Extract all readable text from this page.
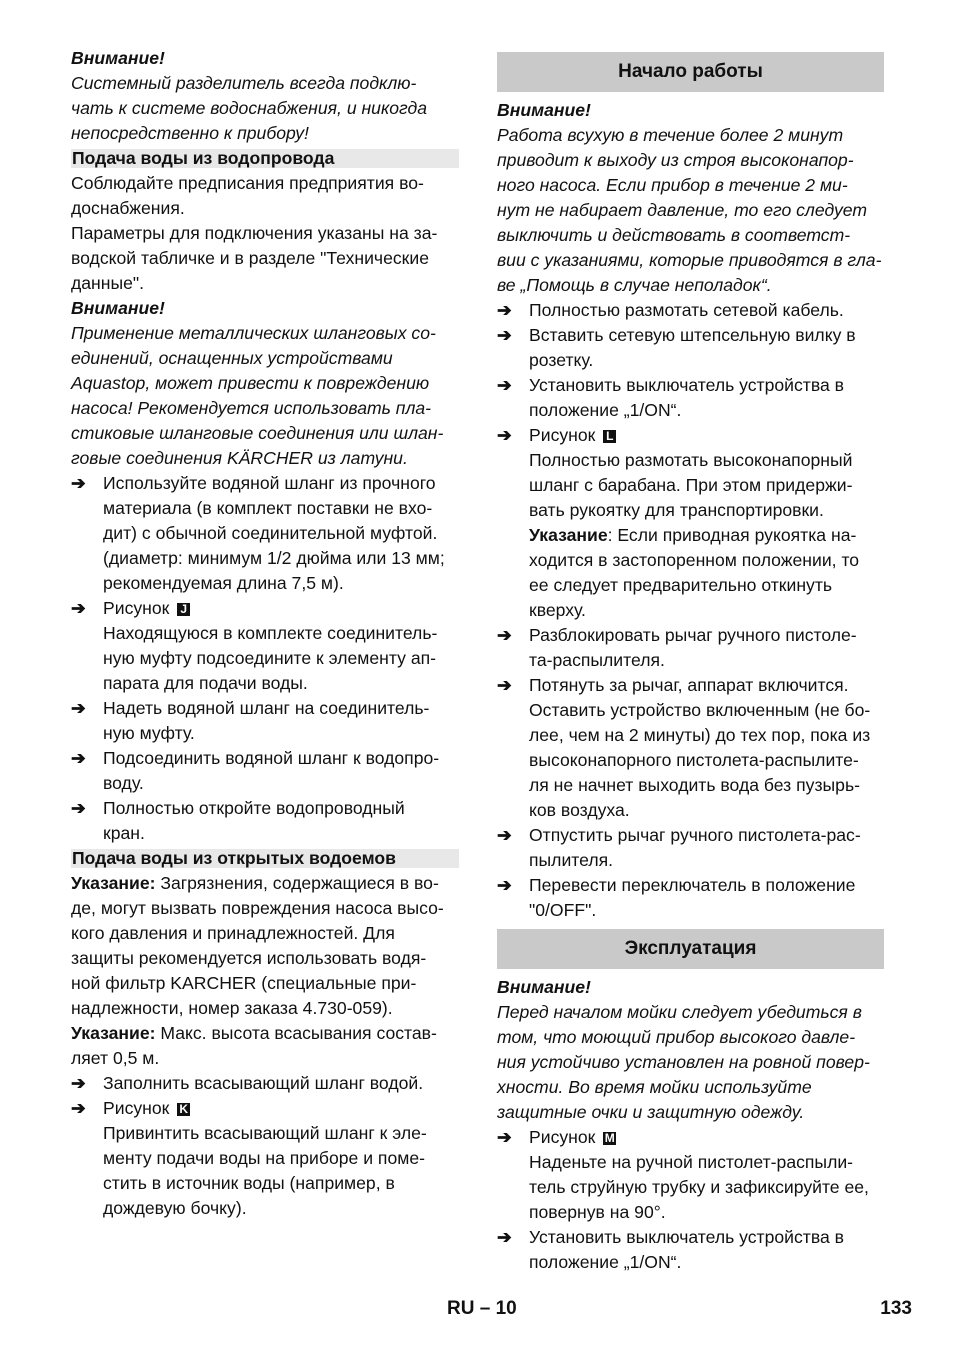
Внимание!

Системный разделитель всегда подклю-

чать к системе водоснабжения, и никогда

непосредственно к прибору!

Подача воды из водопровода

Соблюдайте предписания предприятия во-

доснабжения.

Параметры для подключения указаны на за-

водской табличке и в разделе "Технические

данные".

Внимание!

Применение металлических шланговых со-

единений, оснащенных устройствами

Aquastop, может привести к повреждению

насоса! Рекомендуется использовать пла-

стиковые шланговые соединения или шлан-

говые соединения KÄRCHER из латуни.

➔ Используйте водяной шланг из прочного

материала (в комплект поставки не вхо-

дит) с обычной соединительной муфтой.

(диаметр: минимум 1/2 дюйма или 13 мм;

рекомендуемая длина 7,5 м).

➔ Рисунок J

Находящуюся в комплекте соединитель-

ную муфту подсоедините к элементу ап-

парата для подачи воды.

➔ Надеть водяной шланг на соединитель-

ную муфту.

➔ Подсоединить водяной шланг к водопро-

воду.

➔ Полностью откройте водопроводный

кран.

Подача воды из открытых водоемов

Указание: Загрязнения, содержащиеся в во-

де, могут вызвать повреждения насоса высо-

кого давления и принадлежностей. Для

защиты рекомендуется использовать водя-

ной фильтр KARCHER (специальные при-

надлежности, номер заказа 4.730-059).

Указание: Макс. высота всасывания состав-

ляет 0,5 м.

➔ Заполнить всасывающий шланг водой.

➔ Рисунок K

Привинтить всасывающий шланг к эле-

менту подачи воды на приборе и поме-

стить в источник воды (например, в

дождевую бочку).

Начало работы

Внимание!

Работа всухую в течение более 2 минут

приводит к выходу из строя высоконапор-

ного насоса. Если прибор в течение 2 ми-

нут не набирает давление, то его следует

выключить и действовать в соответст-

вии с указаниями, которые приводятся в гла-

ве „Помощь в случае неполадок“.

➔ Полностью размотать сетевой кабель.

➔ Вставить сетевую штепсельную вилку в

розетку.

➔ Установить выключатель устройства в

положение „1/ON“.

➔ Рисунок L

Полностью размотать высоконапорный

шланг с барабана. При этом придержи-

вать рукоятку для транспортировки.

Указание: Если приводная рукоятка на-

ходится в застопоренном положении, то

ее следует предварительно откинуть

кверху.

➔ Разблокировать рычаг ручного пистоле-

та-распылителя.

➔ Потянуть за рычаг, аппарат включится.

Оставить устройство включенным (не бо-

лее, чем на 2 минуты) до тех пор, пока из

высоконапорного пистолета-распылите-

ля не начнет выходить вода без пузырь-

ков воздуха.

➔ Отпустить рычаг ручного пистолета-рас-

пылителя.

➔ Перевести переключатель в положение

"0/OFF".

Эксплуатация

Внимание!

Перед началом мойки следует убедиться в

том, что моющий прибор высокого давле-

ния устойчиво установлен на ровной повер-

хности. Во время мойки используйте

защитные очки и защитную одежду.

➔ Рисунок M

Наденьте на ручной пистолет-распыли-

тель струйную трубку и зафиксируйте ее,

повернув на 90°.

➔ Установить выключатель устройства в

положение „1/ON“.

RU – 10	133
